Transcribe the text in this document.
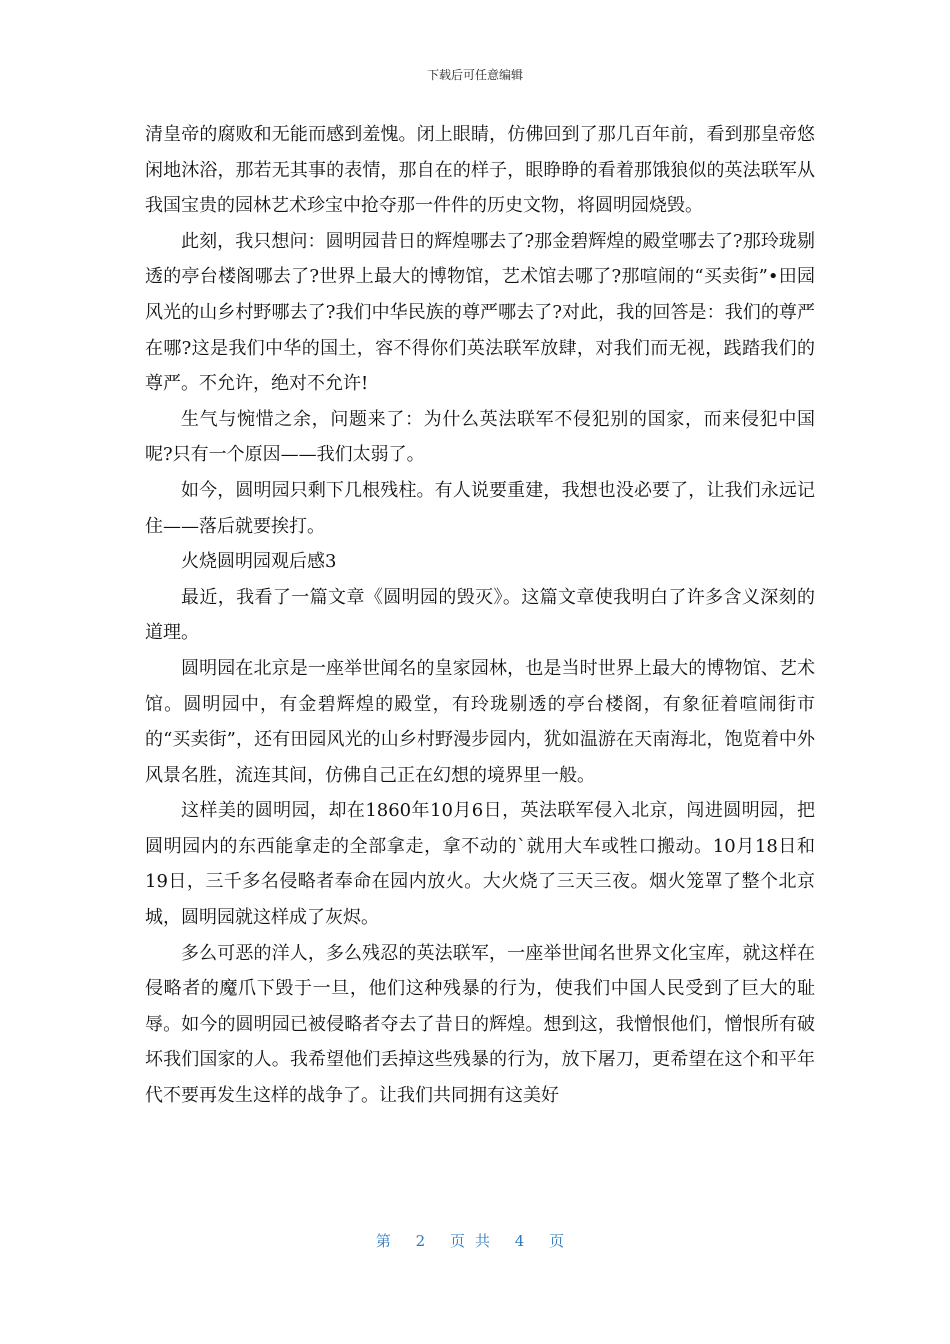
下载后可任意编辑

清皇帝的腐败和无能而感到羞愧。闭上眼睛，仿佛回到了那几百年前，看到那皇帝悠闲地沐浴，那若无其事的表情，那自在的样子，眼睁睁的看着那饿狼似的英法联军从我国宝贵的园林艺术珍宝中抢夺那一件件的历史文物，将圆明园烧毁。

此刻，我只想问：圆明园昔日的辉煌哪去了?那金碧辉煌的殿堂哪去了?那玲珑剔透的亭台楼阁哪去了?世界上最大的博物馆，艺术馆去哪了?那喧闹的“买卖街”•田园风光的山乡村野哪去了?我们中华民族的尊严哪去了?对此，我的回答是：我们的尊严在哪?这是我们中华的国土，容不得你们英法联军放肆，对我们而无视，践踏我们的尊严。不允许，绝对不允许!

生气与惋惜之余，问题来了：为什么英法联军不侵犯别的国家，而来侵犯中国呢?只有一个原因——我们太弱了。

如今，圆明园只剩下几根残柱。有人说要重建，我想也没必要了，让我们永远记住——落后就要挨打。

火烧圆明园观后感3

最近，我看了一篇文章《圆明园的毁灭》。这篇文章使我明白了许多含义深刻的道理。

圆明园在北京是一座举世闻名的皇家园林，也是当时世界上最大的博物馆、艺术馆。圆明园中，有金碧辉煌的殿堂，有玲珑剔透的亭台楼阁，有象征着喧闹街市的“买卖街”，还有田园风光的山乡村野漫步园内，犹如温游在天南海北，饱览着中外风景名胜，流连其间，仿佛自己正在幻想的境界里一般。

这样美的圆明园，却在1860年10月6日，英法联军侵入北京，闯进圆明园，把圆明园内的东西能拿走的全部拿走，拿不动的`就用大车或牲口搬动。10月18日和19日，三千多名侵略者奉命在园内放火。大火烧了三天三夜。烟火笼罩了整个北京城，圆明园就这样成了灰烬。

多么可恶的洋人，多么残忍的英法联军，一座举世闻名世界文化宝库，就这样在侵略者的魔爪下毁于一旦，他们这种残暴的行为，使我们中国人民受到了巨大的耻辱。如今的圆明园已被侵略者夺去了昔日的辉煌。想到这，我憎恨他们，憎恨所有破坏我们国家的人。我希望他们丢掉这些残暴的行为，放下屠刀，更希望在这个和平年代不要再发生这样的战争了。让我们共同拥有这美好

第 2 页共 4 页
